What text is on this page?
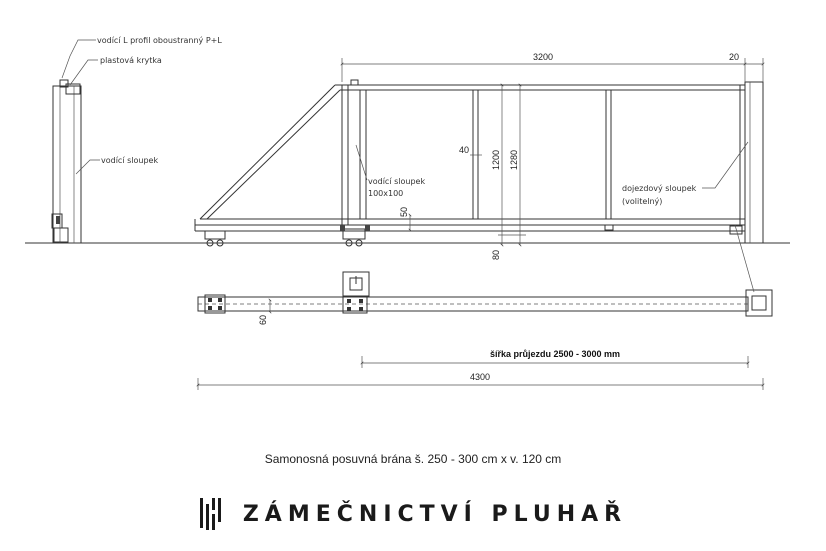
3200	20
1200 1280
80
40
50
vodící L profil oboustranný P+L
plastová krytka
vodící sloupek
vodící sloupek
100x100
dojezdový sloupek
(volitelný)
60
šířka průjezdu 2500 - 3000 mm
4300
Samonosná posuvná brána š. 250 - 300 cm x v. 120 cm
ZÁMEČNICTVÍ PLUHAŘ
